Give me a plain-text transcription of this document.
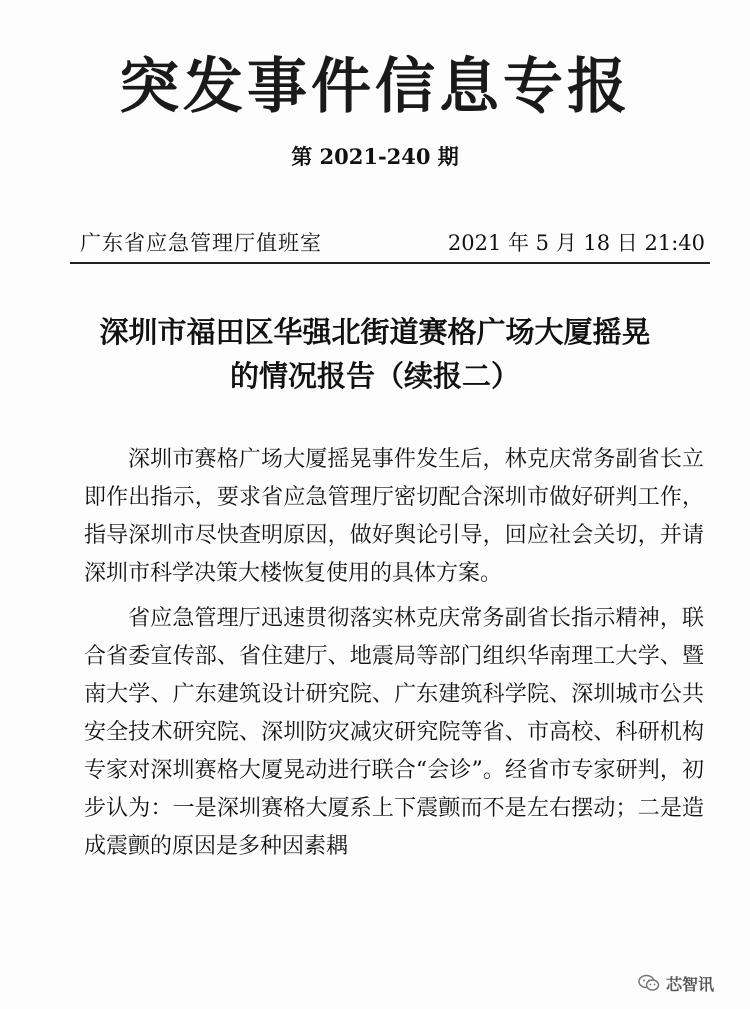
突发事件信息专报
第 2021-240 期
广东省应急管理厅值班室	2021 年 5 月 18 日 21:40
深圳市福田区华强北街道赛格广场大厦摇晃
的情况报告（续报二）

深圳市赛格广场大厦摇晃事件发生后，林克庆常务副省长立即作出指示，要求省应急管理厅密切配合深圳市做好研判工作，指导深圳市尽快查明原因，做好舆论引导，回应社会关切，并请深圳市科学决策大楼恢复使用的具体方案。

省应急管理厅迅速贯彻落实林克庆常务副省长指示精神，联合省委宣传部、省住建厅、地震局等部门组织华南理工大学、暨南大学、广东建筑设计研究院、广东建筑科学院、深圳城市公共安全技术研究院、深圳防灾减灾研究院等省、市高校、科研机构专家对深圳赛格大厦晃动进行联合“会诊”。经省市专家研判，初步认为：一是深圳赛格大厦系上下震颤而不是左右摆动；二是造成震颤的原因是多种因素耦

芯智讯
